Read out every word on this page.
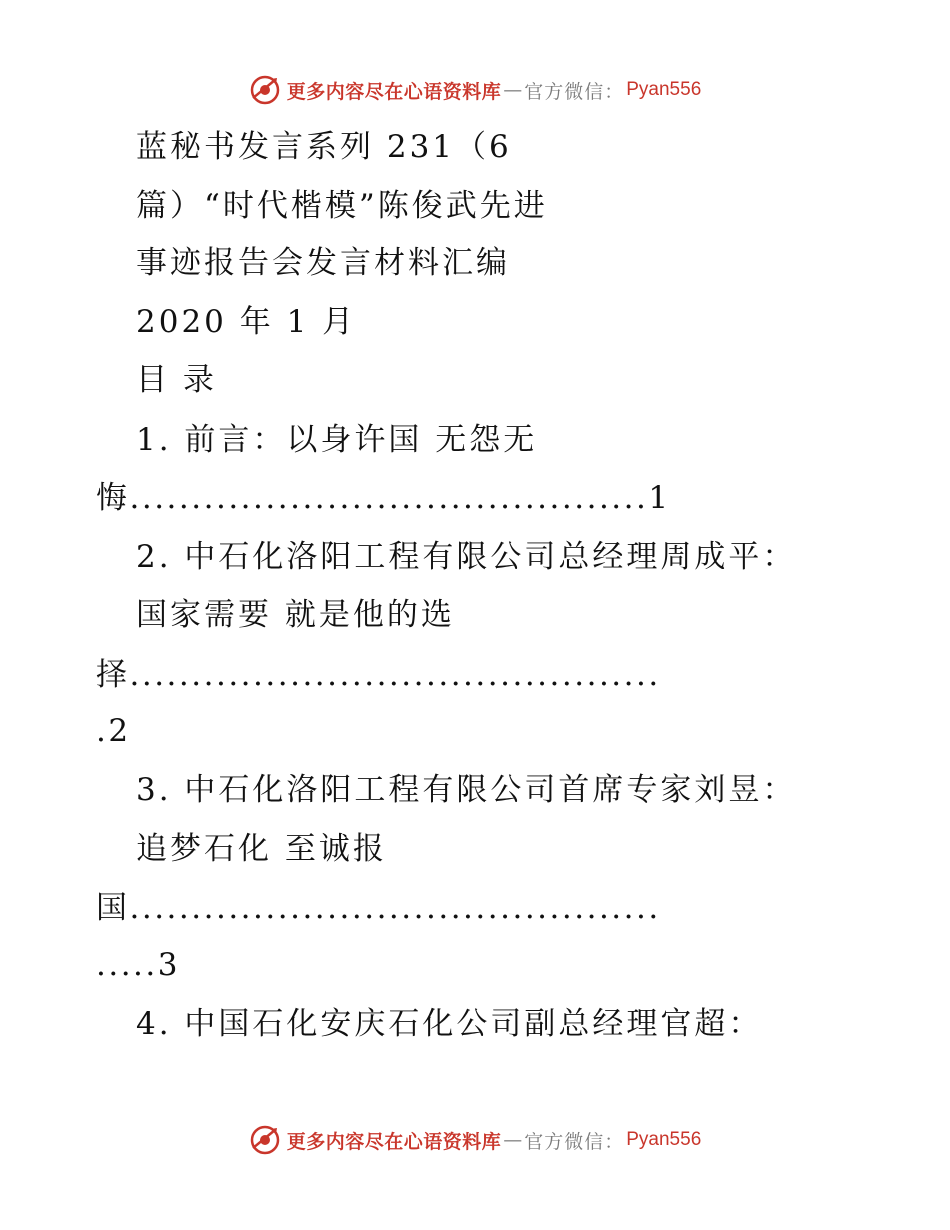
更多内容尽在心语资料库 — 官方微信： Pyan556
蓝秘书发言系列 231（6
篇）“时代楷模”陈俊武先进
事迹报告会发言材料汇编
2020 年 1 月
目 录
1. 前言：以身许国 无怨无
悔..........................................1
2. 中石化洛阳工程有限公司总经理周成平：
国家需要 就是他的选
择...........................................
.2
3. 中石化洛阳工程有限公司首席专家刘昱：
追梦石化 至诚报
国...........................................
.....3
4. 中国石化安庆石化公司副总经理官超：
更多内容尽在心语资料库 — 官方微信： Pyan556
